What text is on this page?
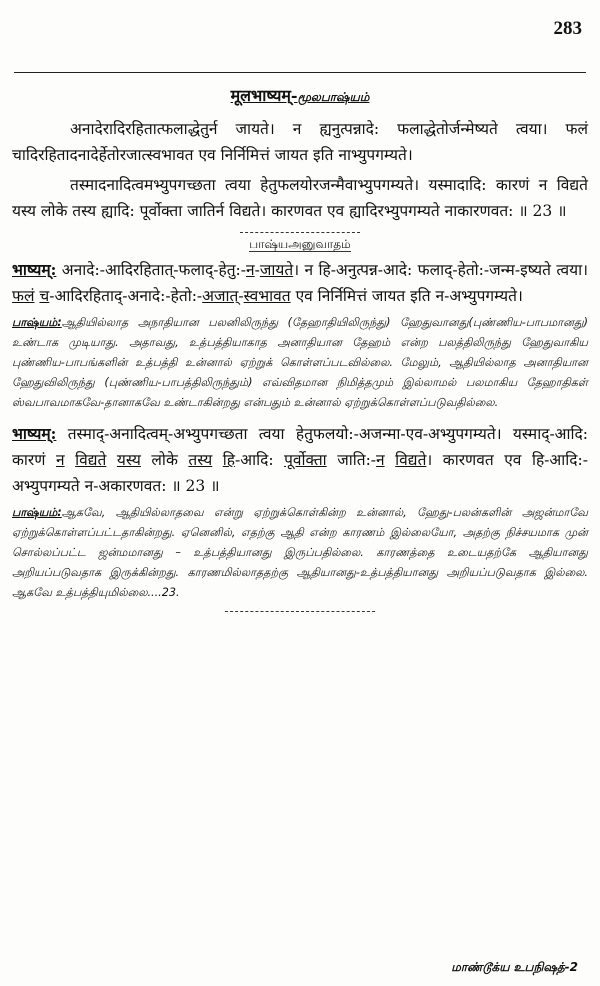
283
मूलभाष्यम्-மூலபாஷ்யம்

अनादेरादिरहितात्फलाद्धेतुर्न जायते। न ह्यनुत्पन्नादे: फलाद्धेतोर्जन्मेष्यते त्वया। फलं चादिरहितादनादेर्हेतोरजात्स्वभावत एव निर्निमित्तं जायत इति नाभ्युपगम्यते।

तस्मादनादित्वमभ्युपगच्छता त्वया हेतुफलयोरजन्मैवाभ्युपगम्यते। यस्मादादि: कारणं न विद्यते यस्य लोके तस्य ह्यादि: पूर्वोक्ता जातिर्न विद्यते। कारणवत एव ह्यादिरभ्युपगम्यते नाकारणवत: ॥ 23 ॥

பாஷ்யஅனுவாதம்

भाष्यम्: अनादे:-आदिरहितात्-फलाद्-हेतु:-न-जायते। न हि-अनुत्पन्न-आदे: फलाद्-हेतो:-जन्म-इष्यते त्वया। फलं च-आदिरहिताद्-अनादे:-हेतो:-अजात्-स्वभावत एव निर्निमित्तं जायत इति न-अभ्युपगम्यते।

பாஷ்யம்:ஆதியில்லாத அநாதியான பலனிலிருந்து (தேஹாதியிலிருந்து) ஹேதுவானது(புண்ணிய-பாபமானது) உண்டாக முடியாது. அதாவது, உத்பத்தியாகாத அனாதியான தேஹம் என்ற பலத்திலிருந்து ஹேதுவாகிய புண்ணிய-பாபங்களின் உத்பத்தி உன்னால் ஏற்றுக் கொள்ளப்படவில்லை. மேலும், ஆதியில்லாத அனாதியான ஹேதுவிலிருந்து (புண்ணிய-பாபத்திலிருந்தும்) எவ்விதமான நிமித்தமும் இல்லாமல் பலமாகிய தேஹாதிகள் ஸ்வபாவமாகவே-தானாகவே உண்டாகின்றது என்பதும் உன்னால் ஏற்றுக்கொள்ளப்படுவதில்லை.

भाष्यम्: तस्माद्-अनादित्वम्-अभ्युपगच्छता त्वया हेतुफलयो:-अजन्मा-एव-अभ्युपगम्यते। यस्माद्-आदि: कारणं न विद्यते यस्य लोके तस्य हि-आदि: पूर्वोक्ता जाति:-न विद्यते। कारणवत एव हि-आदि:-अभ्युपगम्यते न-अकारणवत: ॥ 23 ॥

பாஷ்யம்:ஆகவே, ஆதியில்லாதவை என்று ஏற்றுக்கொள்கின்ற உன்னால், ஹேது-பலன்களின் அஜன்மாவே ஏற்றுக்கொள்ளப்பட்டதாகின்றது. ஏனெனில், எதற்கு ஆதி என்ற காரணம் இல்லையோ, அதற்கு நிச்சயமாக முன் சொல்லப்பட்ட ஜன்மமானது – உத்பத்தியானது இருப்பதில்லை. காரணத்தை உடையதற்கே ஆதியானது அறியப்படுவதாக இருக்கின்றது. காரணமில்லாததற்கு ஆதியானது-உத்பத்தியானது அறியப்படுவதாக இல்லை. ஆகவே உத்பத்தியுமில்லை....23.

மாண்டூக்ய உபநிஷத்-2
